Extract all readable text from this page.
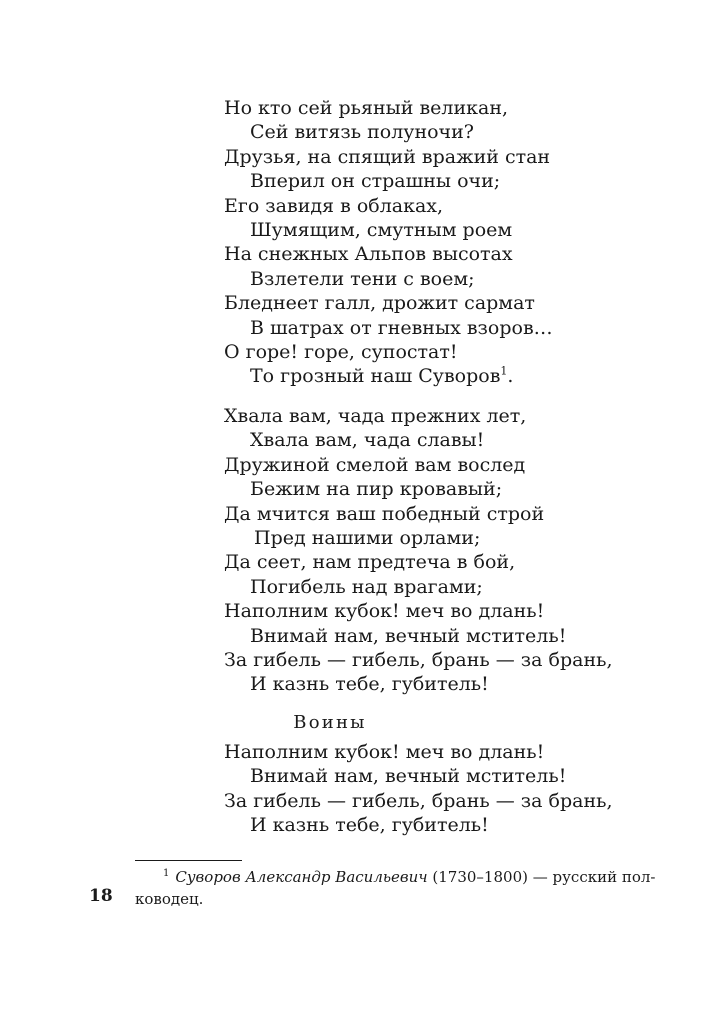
Но кто сей рьяный великан,
Сей витязь полуночи?
Друзья, на спящий вражий стан
Вперил он страшны очи;
Его завидя в облаках,
Шумящим, смутным роем
На снежных Альпов высотах
Взлетели тени с воем;
Бледнеет галл, дрожит сармат
В шатрах от гневных взоров…
О горе! горе, супостат!
То грозный наш Суворов$^1$.
Хвала вам, чада прежних лет,
Хвала вам, чада славы!
Дружиной смелой вам вослед
Бежим на пир кровавый;
Да мчится ваш победный строй
Пред нашими орлами;
Да сеет, нам предтеча в бой,
Погибель над врагами;
Наполним кубок! меч во длань!
Внимай нам, вечный мститель!
За гибель — гибель, брань — за брань,
И казнь тебе, губитель!
Воины
Наполним кубок! меч во длань!
Внимай нам, вечный мститель!
За гибель — гибель, брань — за брань,
И казнь тебе, губитель!
$^1$ Суворов Александр Васильевич (1730–1800) — русский пол-
ководец.
18
